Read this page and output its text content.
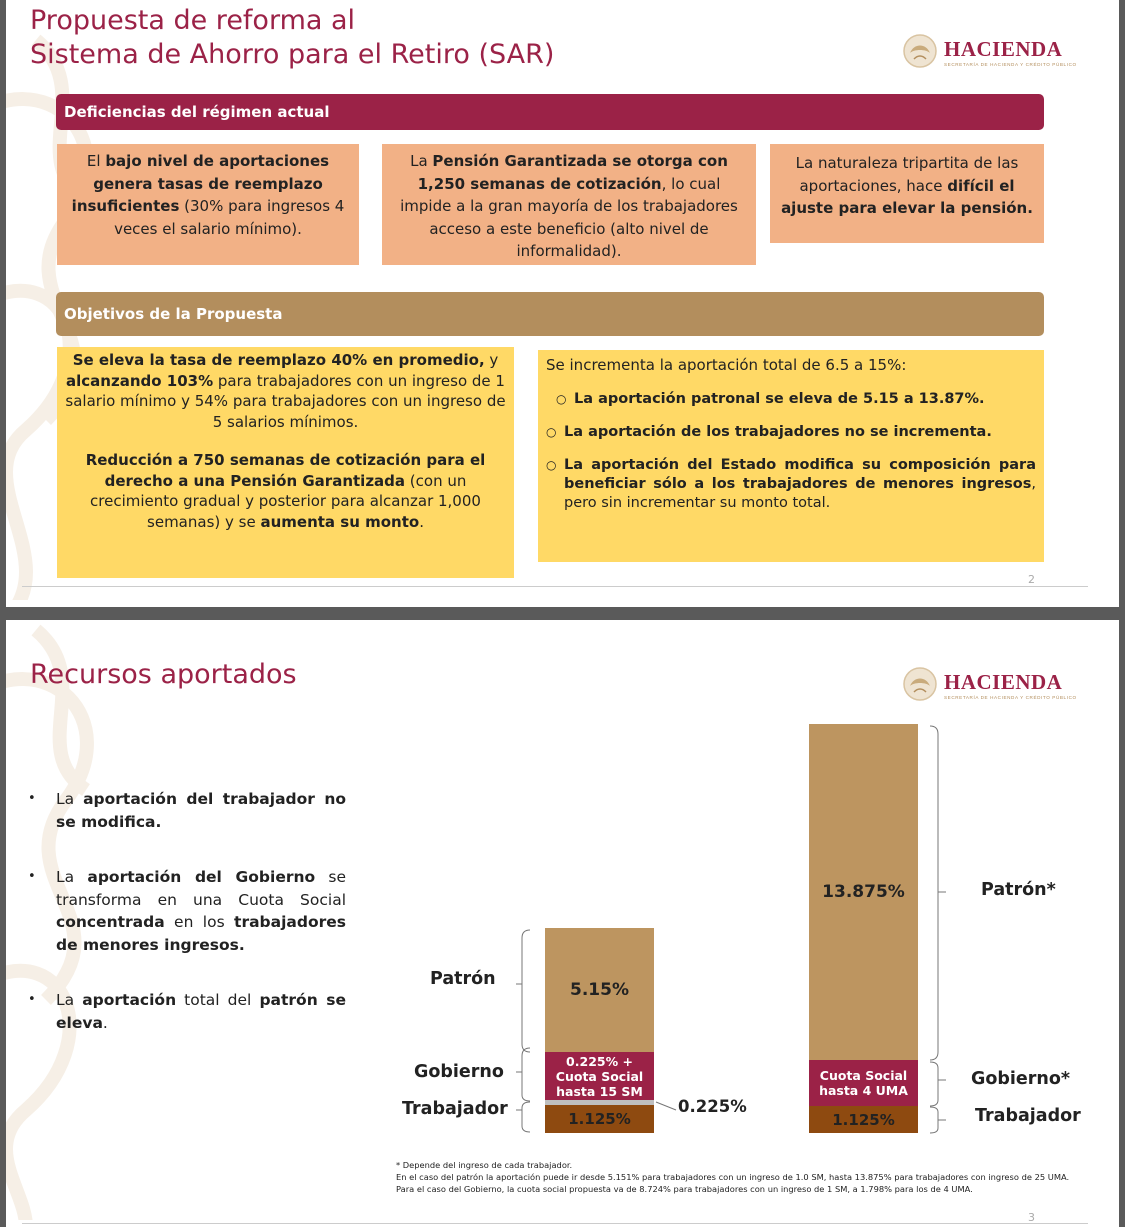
Propuesta de reforma al
Sistema de Ahorro para el Retiro (SAR)	HACIENDA
SECRETARÍA DE HACIENDA Y CRÉDITO PÚBLICO
Deficiencias del régimen actual
El bajo nivel de aportaciones genera tasas de reemplazo insuficientes (30% para ingresos 4 veces el salario mínimo).
La Pensión Garantizada se otorga con 1,250 semanas de cotización, lo cual impide a la gran mayoría de los trabajadores acceso a este beneficio (alto nivel de informalidad).
La naturaleza tripartita de las aportaciones, hace difícil el ajuste para elevar la pensión.
Objetivos de la Propuesta

Se eleva la tasa de reemplazo 40% en promedio, y alcanzando 103% para trabajadores con un ingreso de 1 salario mínimo y 54% para trabajadores con un ingreso de 5 salarios mínimos.

Reducción a 750 semanas de cotización para el derecho a una Pensión Garantizada (con un crecimiento gradual y posterior para alcanzar 1,000 semanas) y se aumenta su monto.

Se incrementa la aportación total de 6.5 a 15%:

○ La aportación patronal se eleva de 5.15 a 13.87%.
○ La aportación de los trabajadores no se incrementa.
○ La aportación del Estado modifica su composición para beneficiar sólo a los trabajadores de menores ingresos, pero sin incrementar su monto total.
2
Recursos aportados	HACIENDA
SECRETARÍA DE HACIENDA Y CRÉDITO PÚBLICO
•	La aportación del trabajador no se modifica.
•	La aportación del Gobierno se transforma en una Cuota Social concentrada en los trabajadores de menores ingresos.
•	La aportación total del patrón se eleva.
5.15%
0.225% + Cuota Social hasta 15 SM
1.125%
13.875%
Cuota Social hasta 4 UMA
1.125%
Patrón
Gobierno
Trabajador	0.225%
Patrón*
Gobierno*
Trabajador
* Depende del ingreso de cada trabajador.
En el caso del patrón la aportación puede ir desde 5.151% para trabajadores con un ingreso de 1.0 SM, hasta 13.875% para trabajadores con ingreso de 25 UMA.
Para el caso del Gobierno, la cuota social propuesta va de 8.724% para trabajadores con un ingreso de 1 SM, a 1.798% para los de 4 UMA.
3
